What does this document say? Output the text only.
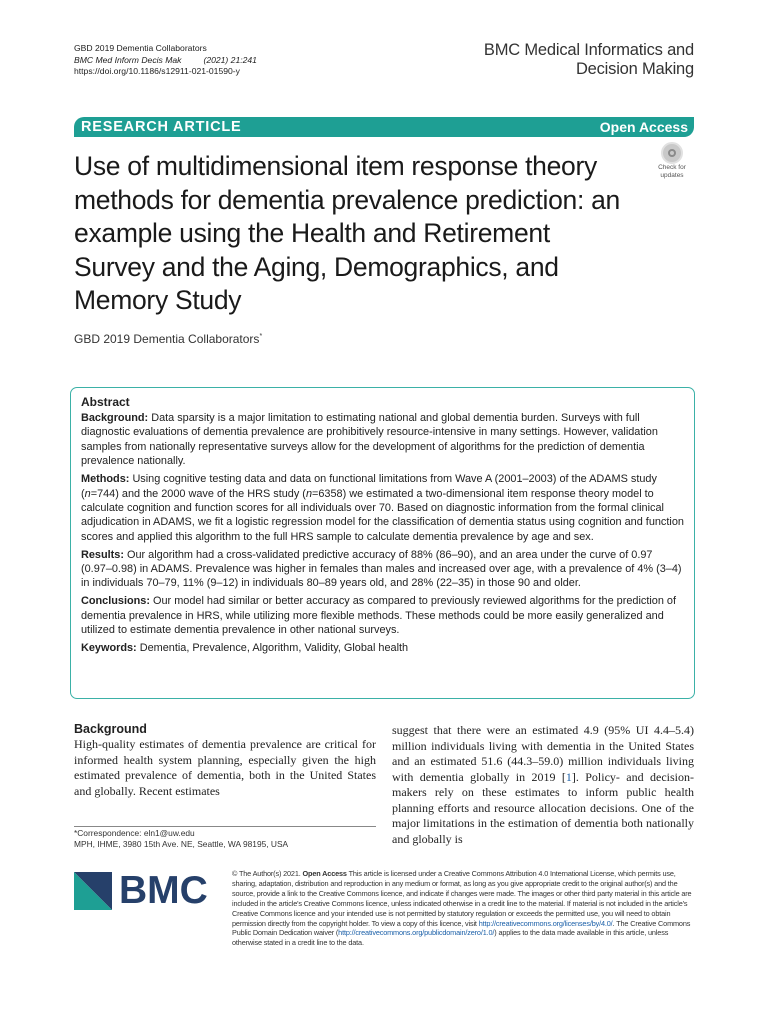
GBD 2019 Dementia Collaborators
BMC Med Inform Decis Mak	(2021) 21:241
https://doi.org/10.1186/s12911-021-01590-y
BMC Medical Informatics and
Decision Making
RESEARCH ARTICLE	Open Access
Use of multidimensional item response theory methods for dementia prevalence prediction: an example using the Health and Retirement Survey and the Aging, Demographics, and Memory Study
Check for
updates
GBD 2019 Dementia Collaborators*
Abstract

Background: Data sparsity is a major limitation to estimating national and global dementia burden. Surveys with full diagnostic evaluations of dementia prevalence are prohibitively resource-intensive in many settings. However, validation samples from nationally representative surveys allow for the development of algorithms for the prediction of dementia prevalence nationally.

Methods: Using cognitive testing data and data on functional limitations from Wave A (2001–2003) of the ADAMS study (n=744) and the 2000 wave of the HRS study (n=6358) we estimated a two-dimensional item response theory model to calculate cognition and function scores for all individuals over 70. Based on diagnostic information from the formal clinical adjudication in ADAMS, we fit a logistic regression model for the classification of dementia status using cognition and function scores and applied this algorithm to the full HRS sample to calculate dementia prevalence by age and sex.

Results: Our algorithm had a cross-validated predictive accuracy of 88% (86–90), and an area under the curve of 0.97 (0.97–0.98) in ADAMS. Prevalence was higher in females than males and increased over age, with a prevalence of 4% (3–4) in individuals 70–79, 11% (9–12) in individuals 80–89 years old, and 28% (22–35) in those 90 and older.

Conclusions: Our model had similar or better accuracy as compared to previously reviewed algorithms for the prediction of dementia prevalence in HRS, while utilizing more flexible methods. These methods could be more easily generalized and utilized to estimate dementia prevalence in other national surveys.

Keywords: Dementia, Prevalence, Algorithm, Validity, Global health

Background
High-quality estimates of dementia prevalence are critical for informed health system planning, especially given the high estimated prevalence of dementia, both in the United States and globally. Recent estimates
suggest that there were an estimated 4.9 (95% UI 4.4–5.4) million individuals living with dementia in the United States and an estimated 51.6 (44.3–59.0) million individuals living with dementia globally in 2019 [1]. Policy- and decision-makers rely on these estimates to inform public health planning efforts and resource allocation decisions. One of the major limitations in the estimation of dementia both nationally and globally is
*Correspondence: eln1@uw.edu
MPH, IHME, 3980 15th Ave. NE, Seattle, WA 98195, USA
BMC	© The Author(s) 2021. Open Access This article is licensed under a Creative Commons Attribution 4.0 International License, which permits use, sharing, adaptation, distribution and reproduction in any medium or format, as long as you give appropriate credit to the original author(s) and the source, provide a link to the Creative Commons licence, and indicate if changes were made. The images or other third party material in this article are included in the article's Creative Commons licence, unless indicated otherwise in a credit line to the material. If material is not included in the article's Creative Commons licence and your intended use is not permitted by statutory regulation or exceeds the permitted use, you will need to obtain permission directly from the copyright holder. To view a copy of this licence, visit http://creativecommons.org/licenses/by/4.0/. The Creative Commons Public Domain Dedication waiver (http://creativecommons.org/publicdomain/zero/1.0/) applies to the data made available in this article, unless otherwise stated in a credit line to the data.
